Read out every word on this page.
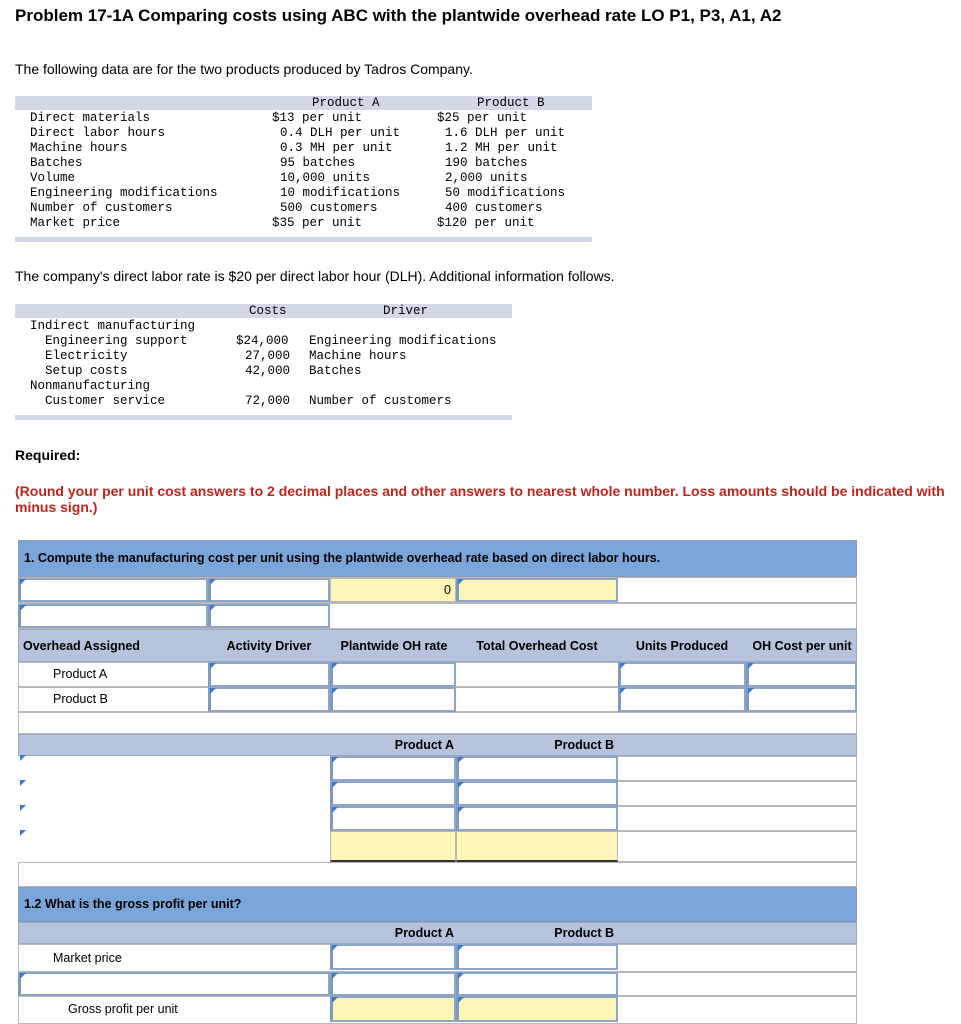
Problem 17-1A Comparing costs using ABC with the plantwide overhead rate LO P1, P3, A1, A2
The following data are for the two products produced by Tadros Company.
Product A	Product B
Direct materials	$13 per unit	$25 per unit
Direct labor hours	0.4 DLH per unit	1.6 DLH per unit
Machine hours	0.3 MH per unit	1.2 MH per unit
Batches	95 batches	190 batches
Volume	10,000 units	2,000 units
Engineering modifications	10 modifications	50 modifications
Number of customers	500 customers	400 customers
Market price	$35 per unit	$120 per unit
The company's direct labor rate is $20 per direct labor hour (DLH). Additional information follows.
Costs	Driver
Indirect manufacturing
Engineering support	$24,000 Engineering modifications
Electricity	27,000 Machine hours
Setup costs	42,000 Batches
Nonmanufacturing
Customer service	72,000 Number of customers
Required:
(Round your per unit cost answers to 2 decimal places and other answers to nearest whole number. Loss amounts should be indicated with minus sign.)
1. Compute the manufacturing cost per unit using the plantwide overhead rate based on direct labor hours.
0
Overhead Assigned	Activity Driver	Plantwide OH rate	Total Overhead Cost	Units Produced	OH Cost per unit
Product A
Product B
Product A	Product B
1.2 What is the gross profit per unit?
Product A	Product B
Market price
Gross profit per unit
